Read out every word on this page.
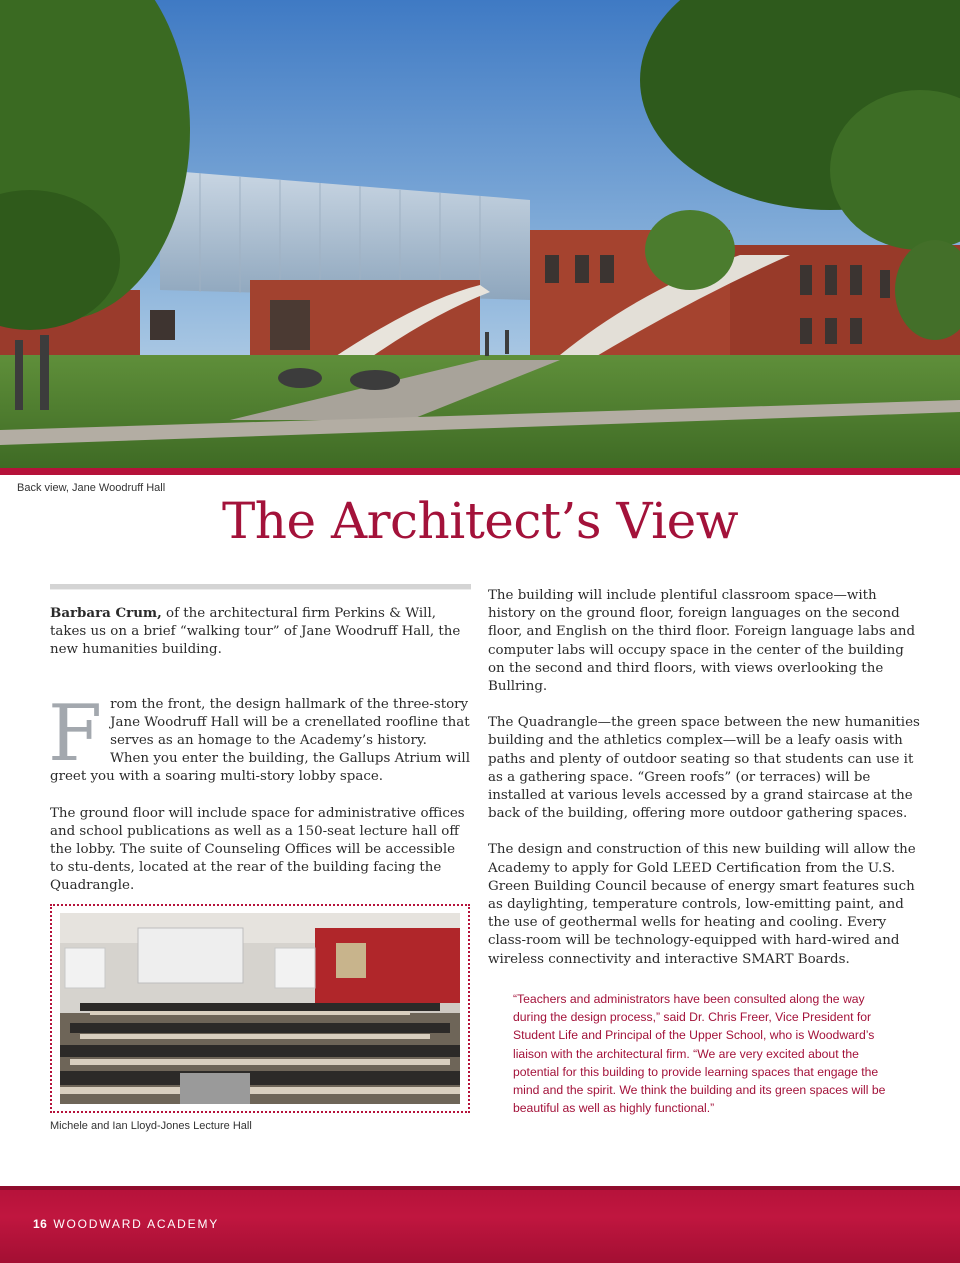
Back view, Jane Woodruff Hall
The Architect’s View

Barbara Crum, of the architectural firm Perkins & Will, takes us on a brief “walking tour” of Jane Woodruff Hall, the new humanities building.

From the front, the design hallmark of the three-story Jane Woodruff Hall will be a crenellated roofline that serves as an homage to the Academy’s history. When you enter the building, the Gallups Atrium will greet you with a soaring multi-story lobby space.

The ground floor will include space for administrative offices and school publications as well as a 150-seat lecture hall off the lobby. The suite of Counseling Offices will be accessible to stu-dents, located at the rear of the building facing the Quadrangle.

Michele and Ian Lloyd-Jones Lecture Hall

The building will include plentiful classroom space—with history on the ground floor, foreign languages on the second floor, and English on the third floor. Foreign language labs and computer labs will occupy space in the center of the building on the second and third floors, with views overlooking the Bullring.

The Quadrangle—the green space between the new humanities building and the athletics complex—will be a leafy oasis with paths and plenty of outdoor seating so that students can use it as a gathering space. “Green roofs” (or terraces) will be installed at various levels accessed by a grand staircase at the back of the building, offering more outdoor gathering spaces.

The design and construction of this new building will allow the Academy to apply for Gold LEED Certification from the U.S. Green Building Council because of energy smart features such as daylighting, temperature controls, low-emitting paint, and the use of geothermal wells for heating and cooling. Every class-room will be technology-equipped with hard-wired and wireless connectivity and interactive SMART Boards.

“Teachers and administrators have been consulted along the way during the design process,” said Dr. Chris Freer, Vice President for Student Life and Principal of the Upper School, who is Woodward’s liaison with the architectural firm. “We are very excited about the potential for this building to provide learning spaces that engage the mind and the spirit. We think the building and its green spaces will be beautiful as well as highly functional.”
16 WOODWARD ACADEMY
